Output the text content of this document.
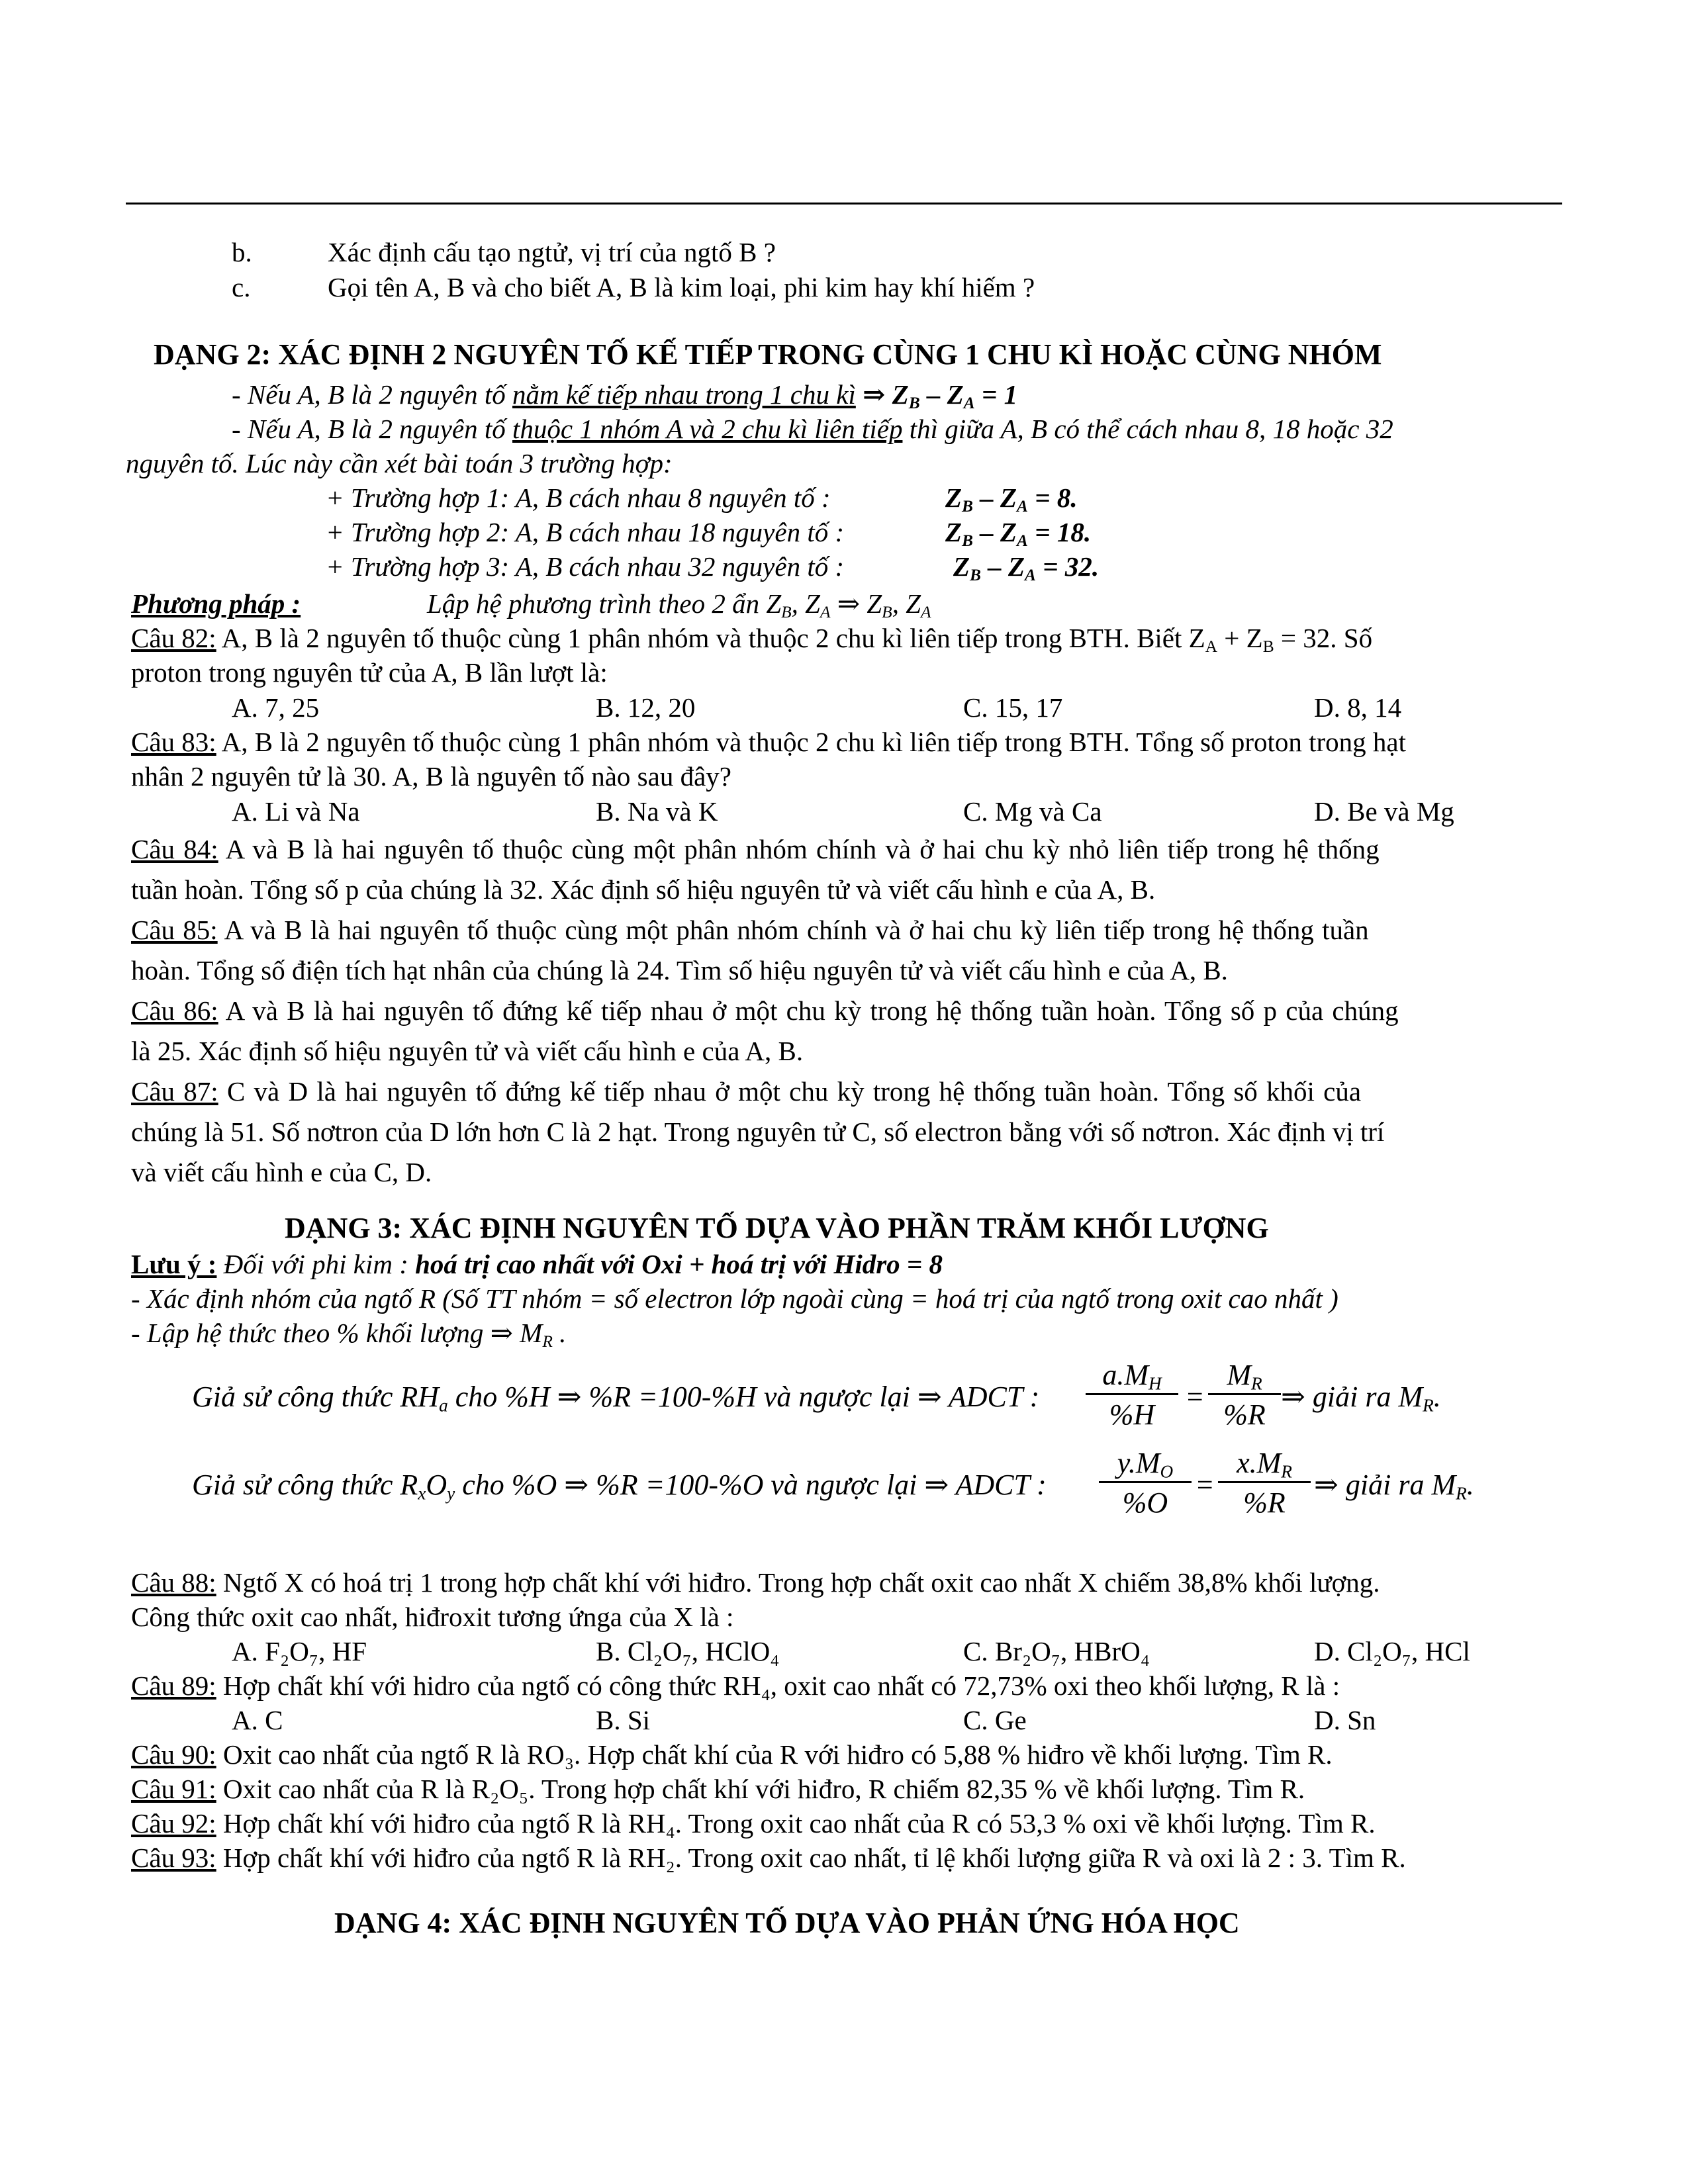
b.	Xác định cấu tạo ngtử, vị trí của ngtố B ?
c.	Gọi tên A, B và cho biết A, B là kim loại, phi kim hay khí hiếm ?
DẠNG 2: XÁC ĐỊNH 2 NGUYÊN TỐ KẾ TIẾP TRONG CÙNG 1 CHU KÌ HOẶC CÙNG NHÓM
- Nếu A, B là 2 nguyên tố nằm kế tiếp nhau trong 1 chu kì ⇒ $Z_B - Z_A = 1$
- Nếu A, B là 2 nguyên tố thuộc 1 nhóm A và 2 chu kì liên tiếp thì giữa A, B có thể cách nhau 8, 18 hoặc 32
nguyên tố. Lúc này cần xét bài toán 3 trường hợp:
+ Trường hợp 1: A, B cách nhau 8 nguyên tố :	$Z_B - Z_A = 8$.
+ Trường hợp 2: A, B cách nhau 18 nguyên tố :	$Z_B - Z_A = 18$.
+ Trường hợp 3: A, B cách nhau 32 nguyên tố :	$Z_B - Z_A = 32$.
Phương pháp :	Lập hệ phương trình theo 2 ẩn $Z_B$, $Z_A$ ⇒ $Z_B$, $Z_A$
Câu 82: A, B là 2 nguyên tố thuộc cùng 1 phân nhóm và thuộc 2 chu kì liên tiếp trong BTH. Biết $Z_A + Z_B = 32$. Số
proton trong nguyên tử của A, B lần lượt là:
A. 7, 25	B. 12, 20	C. 15, 17	D. 8, 14
Câu 83: A, B là 2 nguyên tố thuộc cùng 1 phân nhóm và thuộc 2 chu kì liên tiếp trong BTH. Tổng số proton trong hạt
nhân 2 nguyên tử là 30. A, B là nguyên tố nào sau đây?
A. Li và Na	B. Na và K	C. Mg và Ca	D. Be và Mg
Câu 84: A và B là hai nguyên tố thuộc cùng một phân nhóm chính và ở hai chu kỳ nhỏ liên tiếp trong hệ thống
tuần hoàn. Tổng số p của chúng là 32. Xác định số hiệu nguyên tử và viết cấu hình e của A, B.
Câu 85: A và B là hai nguyên tố thuộc cùng một phân nhóm chính và ở hai chu kỳ liên tiếp trong hệ thống tuần
hoàn. Tổng số điện tích hạt nhân của chúng là 24. Tìm số hiệu nguyên tử và viết cấu hình e của A, B.
Câu 86: A và B là hai nguyên tố đứng kế tiếp nhau ở một chu kỳ trong hệ thống tuần hoàn. Tổng số p của chúng
là 25. Xác định số hiệu nguyên tử và viết cấu hình e của A, B.
Câu 87: C và D là hai nguyên tố đứng kế tiếp nhau ở một chu kỳ trong hệ thống tuần hoàn. Tổng số khối của
chúng là 51. Số nơtron của D lớn hơn C là 2 hạt. Trong nguyên tử C, số electron bằng với số nơtron. Xác định vị trí
và viết cấu hình e của C, D.
DẠNG 3: XÁC ĐỊNH NGUYÊN TỐ DỰA VÀO PHẦN TRĂM KHỐI LƯỢNG
Lưu ý : Đối với phi kim : hoá trị cao nhất với Oxi + hoá trị với Hidro = 8
- Xác định nhóm của ngtố R (Số TT nhóm = số electron lớp ngoài cùng = hoá trị của ngtố trong oxit cao nhất )
- Lập hệ thức theo % khối lượng ⇒ $M_R$ .
Giả sử công thức $RH_a$ cho %H ⇒ %R =100-%H và ngược lại ⇒ ADCT :
$a.M_H$
%H
=
$M_R$
%R
⇒ giải ra $M_R$.
Giả sử công thức $R_xO_y$ cho %O ⇒ %R =100-%O và ngược lại ⇒ ADCT :
$y.M_O$
%O
=
$x.M_R$
%R
⇒ giải ra $M_R$.
Câu 88: Ngtố X có hoá trị 1 trong hợp chất khí với hiđro. Trong hợp chất oxit cao nhất X chiếm 38,8% khối lượng.
Công thức oxit cao nhất, hiđroxit tương ứnga của X là :
A. F₂O₇, HF	B. Cl₂O₇, HClO₄	C. Br₂O₇, HBrO₄	D. Cl₂O₇, HCl
Câu 89: Hợp chất khí với hidro của ngtố có công thức RH₄, oxit cao nhất có 72,73% oxi theo khối lượng, R là :
A. C	B. Si	C. Ge	D. Sn
Câu 90: Oxit cao nhất của ngtố R là RO₃. Hợp chất khí của R với hiđro có 5,88 % hiđro về khối lượng. Tìm R.
Câu 91: Oxit cao nhất của R là R₂O₅. Trong hợp chất khí với hiđro, R chiếm 82,35 % về khối lượng. Tìm R.
Câu 92: Hợp chất khí với hiđro của ngtố R là RH₄. Trong oxit cao nhất của R có 53,3 % oxi về khối lượng. Tìm R.
Câu 93: Hợp chất khí với hiđro của ngtố R là RH₂. Trong oxit cao nhất, tỉ lệ khối lượng giữa R và oxi là 2 : 3. Tìm R.
DẠNG 4: XÁC ĐỊNH NGUYÊN TỐ DỰA VÀO PHẢN ỨNG HÓA HỌC
